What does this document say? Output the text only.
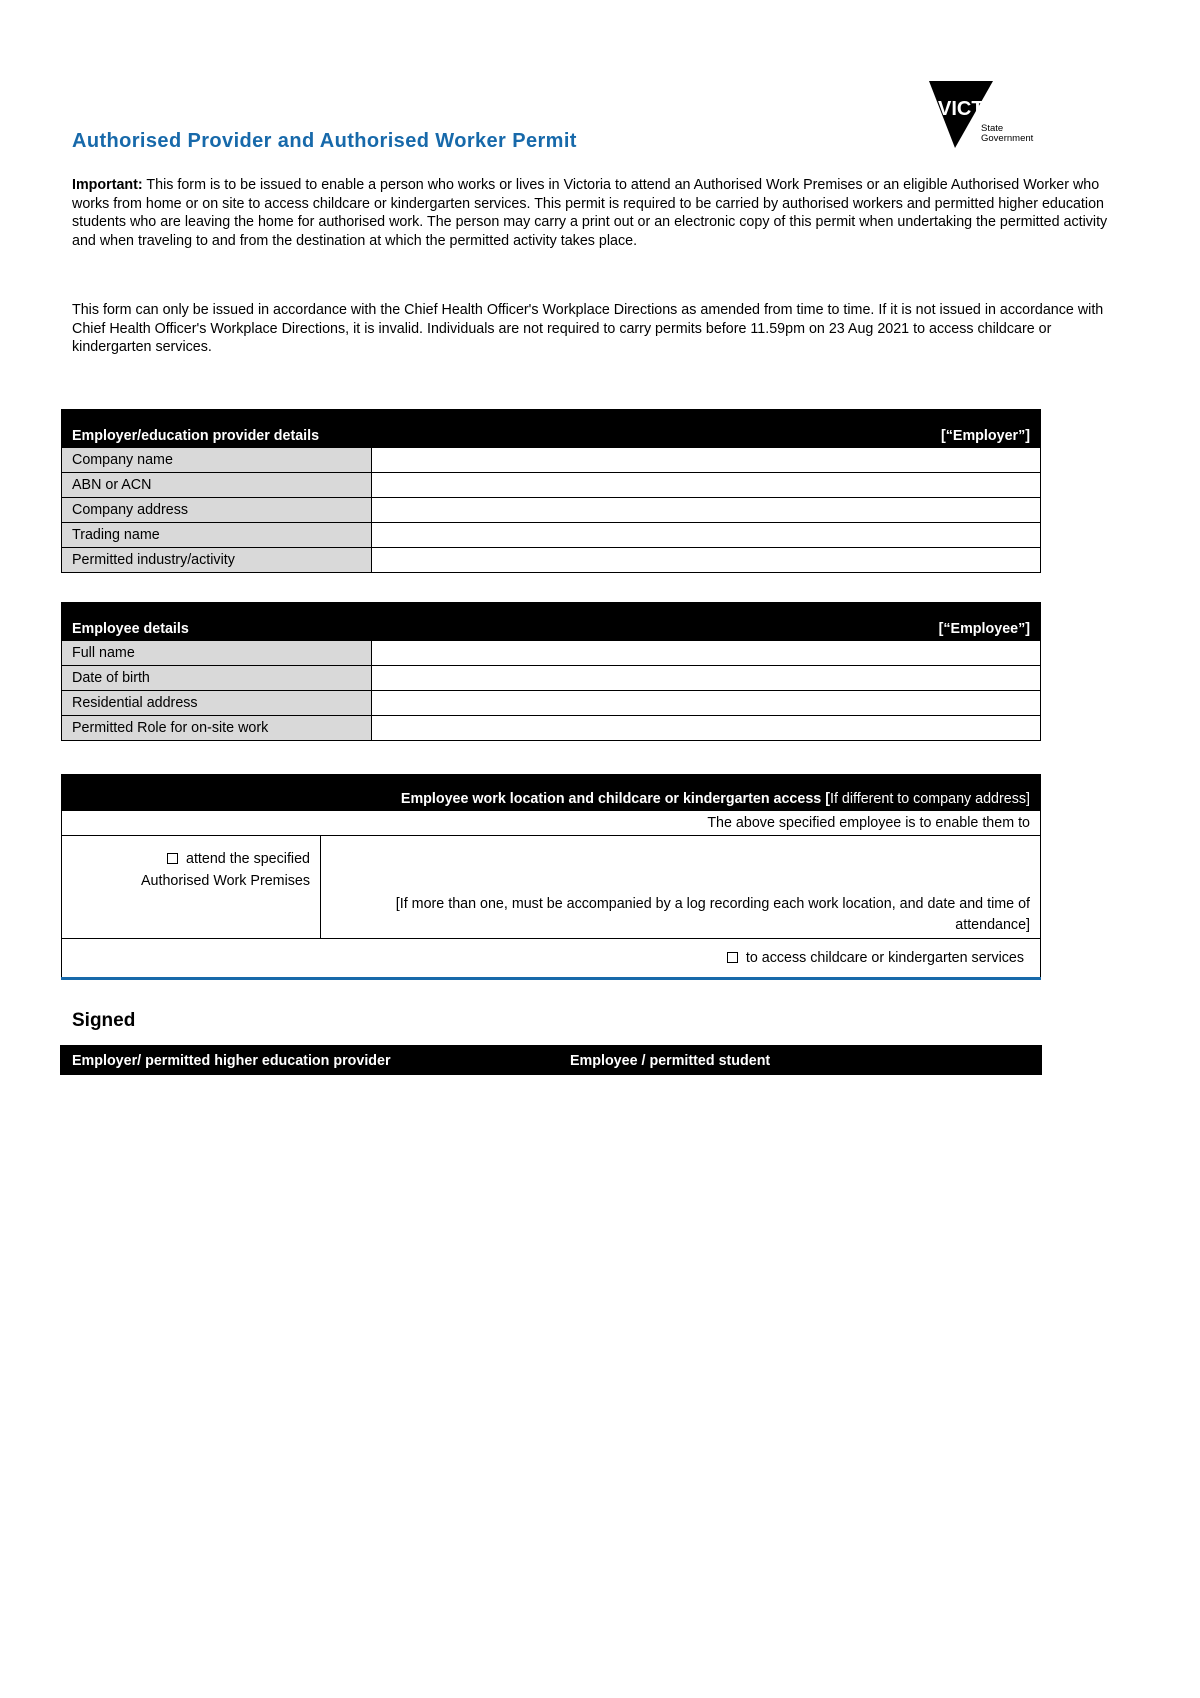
VICTORIA
State
Government
Authorised Provider and Authorised Worker Permit

Important: This form is to be issued to enable a person who works or lives in Victoria to attend an Authorised Work Premises or an eligible Authorised Worker who works from home or on site to access childcare or kindergarten services. This permit is required to be carried by authorised workers and permitted higher education students who are leaving the home for authorised work. The person may carry a print out or an electronic copy of this permit when undertaking the permitted activity and when traveling to and from the destination at which the permitted activity takes place.

This form can only be issued in accordance with the Chief Health Officer's Workplace Directions as amended from time to time. If it is not issued in accordance with Chief Health Officer's Workplace Directions, it is invalid. Individuals are not required to carry permits before 11.59pm on 23 Aug 2021 to access childcare or kindergarten services.

Employer/education provider details [“Employer”]	

Company name	
ABN or ACN	
Company address	
Trading name	
Permitted industry/activity	
Employee details [“Employee”]	

Full name	
Date of birth	
Residential address	
Permitted Role for on-site work	
Employee work location and childcare or kindergarten access [If different to company address]
The above specified employee is to enable them to
attend the specified
Authorised Work Premises	[If more than one, must be accompanied by a log recording each work location, and date and time of attendance]
to access childcare or kindergarten services
Signed
Employer/ permitted higher education provider	Employee / permitted student
